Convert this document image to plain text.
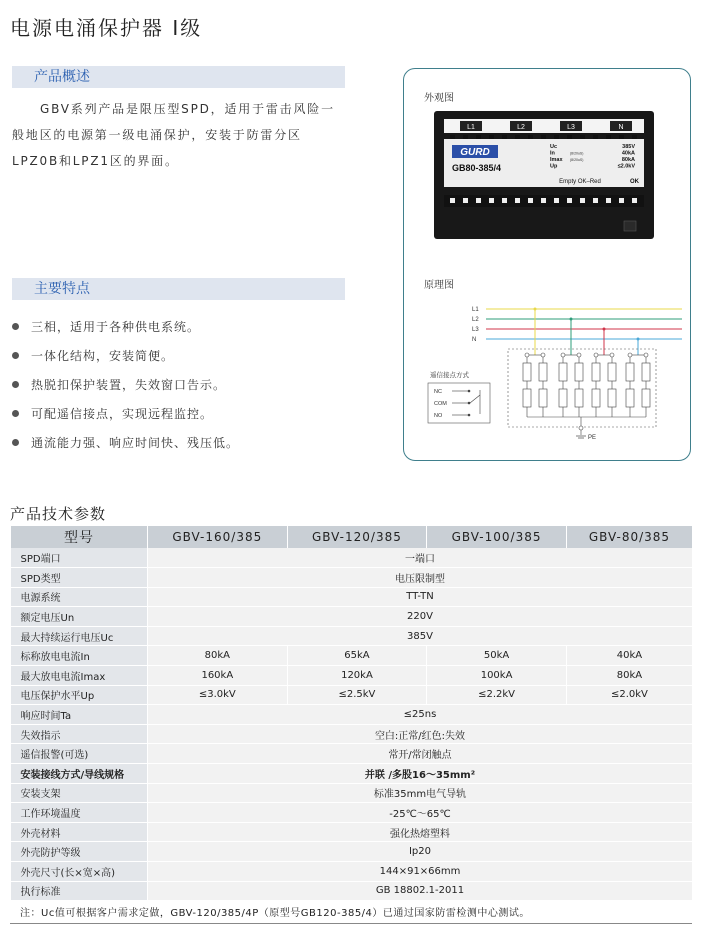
电源电涌保护器 I级
产品概述
GBV系列产品是限压型SPD，适用于雷击风险一般地区的电源第一级电涌保护，安装于防雷分区LPZ0B和LPZ1区的界面。
主要特点
三相，适用于各种供电系统。
一体化结构，安装简便。
热脱扣保护装置，失效窗口告示。
可配遥信接点，实现远程监控。
通流能力强、响应时间快、残压低。
外观图
L1	L2	L3	N
GURD
GB80-385/4
Uc	385V
In	(8/20uS)	40kA
Imax (8/20uS)	80kA
Up	≤2.0kV
Empty OK–Red	OK
原理图
L1
L2
L3
N
PE
遥信接点方式
NC
COM
NO
产品技术参数
型号	GBV-160/385	GBV-120/385	GBV-100/385	GBV-80/385
SPD端口	一端口			
SPD类型	电压限制型			
电源系统	TT-TN			
额定电压Un	220V			
最大持续运行电压Uc	385V			
标称放电电流In	80kA	65kA	50kA	40kA
最大放电电流Imax	160kA	120kA	100kA	80kA
电压保护水平Up	≤3.0kV	≤2.5kV	≤2.2kV	≤2.0kV
响应时间Ta	≤25ns			
失效指示	空白:正常/红色:失效			
遥信报警(可选)	常开/常闭触点			
安装接线方式/导线规格	并联 /多股16～35mm²			
安装支架	标准35mm电气导轨			
工作环境温度	-25℃～65℃			
外壳材料	强化热熔塑料			
外壳防护等级	Ip20			
外壳尺寸(长×宽×高)	144×91×66mm			
执行标准	GB 18802.1-2011			
注：Uc值可根据客户需求定做，GBV-120/385/4P（原型号GB120-385/4）已通过国家防雷检测中心测试。
